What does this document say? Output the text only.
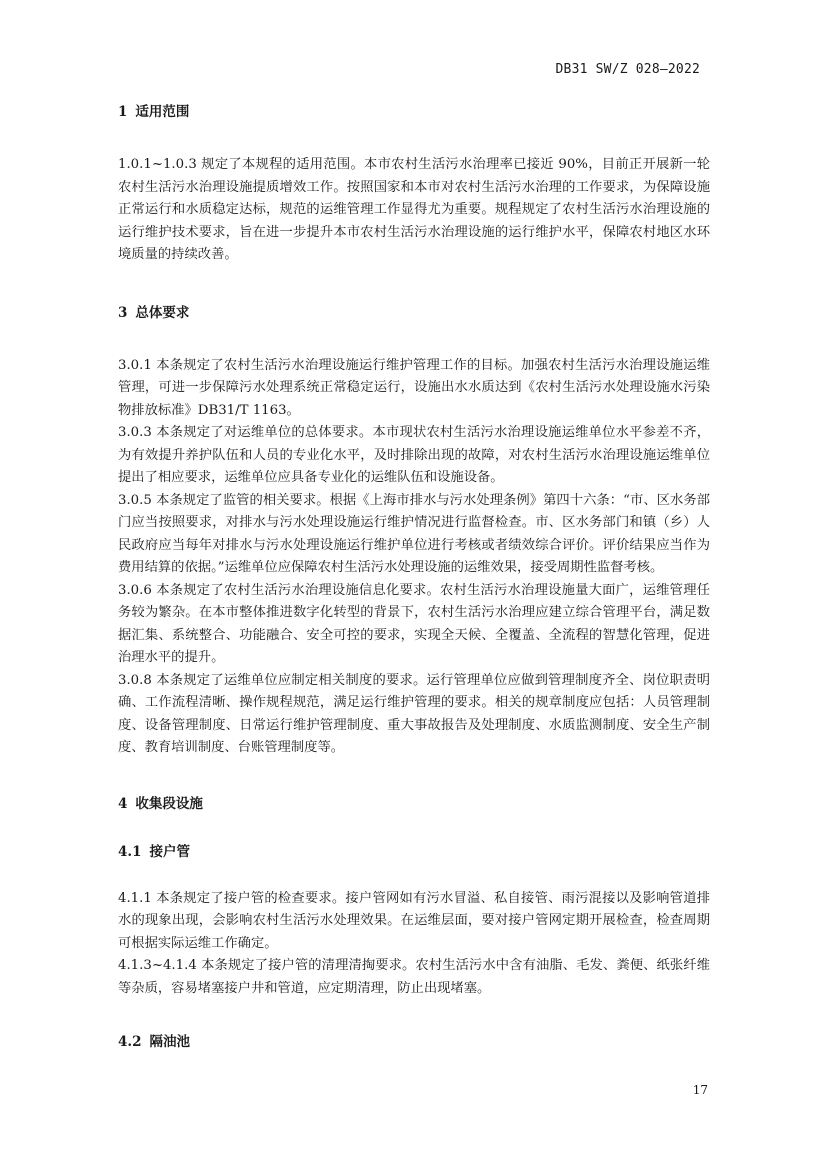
DB31 SW/Z 028—2022
1 适用范围

1.0.1~1.0.3 规定了本规程的适用范围。本市农村生活污水治理率已接近 90%，目前正开展新一轮农村生活污水治理设施提质增效工作。按照国家和本市对农村生活污水治理的工作要求，为保障设施正常运行和水质稳定达标，规范的运维管理工作显得尤为重要。规程规定了农村生活污水治理设施的运行维护技术要求，旨在进一步提升本市农村生活污水治理设施的运行维护水平，保障农村地区水环境质量的持续改善。

3 总体要求

3.0.1 本条规定了农村生活污水治理设施运行维护管理工作的目标。加强农村生活污水治理设施运维管理，可进一步保障污水处理系统正常稳定运行，设施出水水质达到《农村生活污水处理设施水污染物排放标准》DB31/T 1163。

3.0.3 本条规定了对运维单位的总体要求。本市现状农村生活污水治理设施运维单位水平参差不齐，为有效提升养护队伍和人员的专业化水平，及时排除出现的故障，对农村生活污水治理设施运维单位提出了相应要求，运维单位应具备专业化的运维队伍和设施设备。

3.0.5 本条规定了监管的相关要求。根据《上海市排水与污水处理条例》第四十六条：“市、区水务部门应当按照要求，对排水与污水处理设施运行维护情况进行监督检查。市、区水务部门和镇（乡）人民政府应当每年对排水与污水处理设施运行维护单位进行考核或者绩效综合评价。评价结果应当作为费用结算的依据。”运维单位应保障农村生活污水处理设施的运维效果，接受周期性监督考核。

3.0.6 本条规定了农村生活污水治理设施信息化要求。农村生活污水治理设施量大面广，运维管理任务较为繁杂。在本市整体推进数字化转型的背景下，农村生活污水治理应建立综合管理平台，满足数据汇集、系统整合、功能融合、安全可控的要求，实现全天候、全覆盖、全流程的智慧化管理，促进治理水平的提升。

3.0.8 本条规定了运维单位应制定相关制度的要求。运行管理单位应做到管理制度齐全、岗位职责明确、工作流程清晰、操作规程规范，满足运行维护管理的要求。相关的规章制度应包括：人员管理制度、设备管理制度、日常运行维护管理制度、重大事故报告及处理制度、水质监测制度、安全生产制度、教育培训制度、台账管理制度等。

4 收集段设施
4.1 接户管

4.1.1 本条规定了接户管的检查要求。接户管网如有污水冒溢、私自接管、雨污混接以及影响管道排水的现象出现，会影响农村生活污水处理效果。在运维层面，要对接户管网定期开展检查，检查周期可根据实际运维工作确定。

4.1.3~4.1.4 本条规定了接户管的清理清掏要求。农村生活污水中含有油脂、毛发、粪便、纸张纤维等杂质，容易堵塞接户井和管道，应定期清理，防止出现堵塞。

4.2 隔油池
17
